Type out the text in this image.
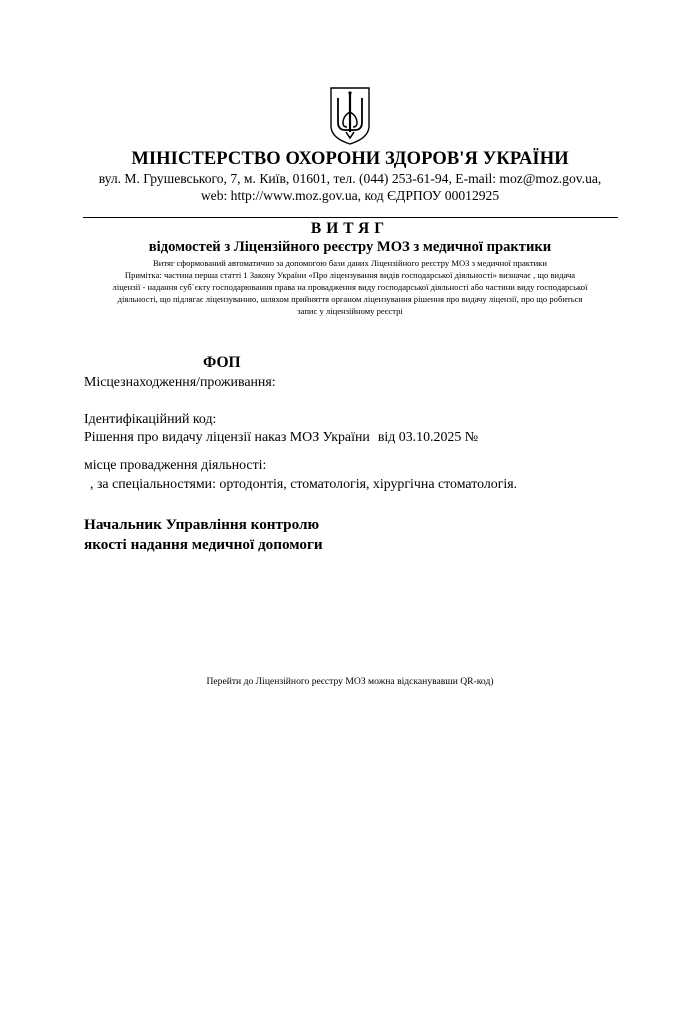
МІНІСТЕРСТВО ОХОРОНИ ЗДОРОВ'Я УКРАЇНИ
вул. М. Грушевського, 7, м. Київ, 01601, тел. (044) 253-61-94, E-mail: moz@moz.gov.ua,
web: http://www.moz.gov.ua, код ЄДРПОУ 00012925
ВИТЯГ
відомостей з Ліцензійного реєстру МОЗ з медичної практики
Витяг сформований автоматично за допомогою бази даних Ліцензійного реєстру МОЗ з медичної практики
Примітка: частина перша статті 1 Закону України «Про ліцензування видів господарської діяльності» визначає , що видача
ліцензії - надання суб`єкту господарювання права на провадження виду господарської діяльності або частини виду господарської
діяльності, що підлягає ліцензуванню, шляхом прийняття органом ліцензування рішення про видачу ліцензії, про що робиться
запис у ліцензійному реєстрі
ФОП
Місцезнаходження/проживання:
Ідентифікаційний код:
Рішення про видачу ліцензії наказ МОЗ України від 03.10.2025 №
місце провадження діяльності:
, за спеціальностями: ортодонтія, стоматологія, хірургічна стоматологія.
Начальник Управління контролю
якості надання медичної допомоги
Перейти до Ліцензійного реєстру МОЗ можна відсканувавши QR-код)
